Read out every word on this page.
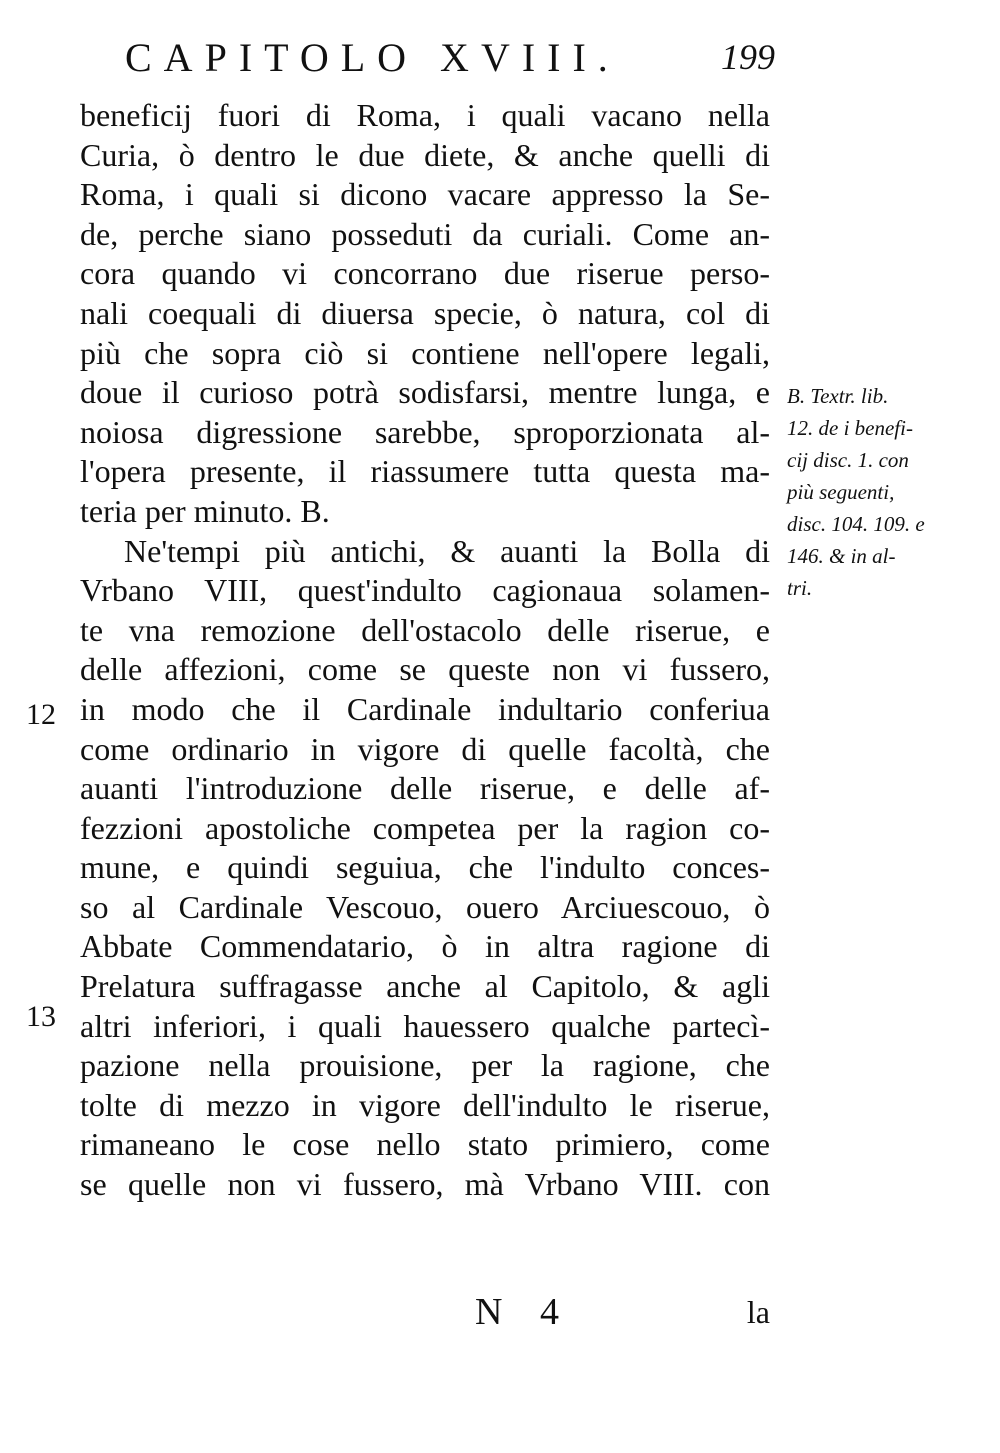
CAPITOLO XVIII.	199
beneficij fuori di Roma, i quali vacano nella
Curia, ò dentro le due diete, & anche quelli di
Roma, i quali si dicono vacare appresso la Se-
de, perche siano posseduti da curiali. Come an-
cora quando vi concorrano due riserue perso-
nali coequali di diuersa specie, ò natura, col di
più che sopra ciò si contiene nell'opere legali,
doue il curioso potrà sodisfarsi, mentre lunga, e
noiosa digressione sarebbe, sproporzionata al-
l'opera presente, il riassumere tutta questa ma-
teria per minuto. B.
Ne'tempi più antichi, & auanti la Bolla di
Vrbano VIII, quest'indulto cagionaua solamen-
te vna remozione dell'ostacolo delle riserue, e
delle affezioni, come se queste non vi fussero,
in modo che il Cardinale indultario conferiua
come ordinario in vigore di quelle facoltà, che
auanti l'introduzione delle riserue, e delle af-
fezzioni apostoliche competea per la ragion co-
mune, e quindi seguiua, che l'indulto conces-
so al Cardinale Vescouo, ouero Arciuescouo, ò
Abbate Commendatario, ò in altra ragione di
Prelatura suffragasse anche al Capitolo, & agli
altri inferiori, i quali hauessero qualche partecì-
pazione nella prouisione, per la ragione, che
tolte di mezzo in vigore dell'indulto le riserue,
rimaneano le cose nello stato primiero, come
se quelle non vi fussero, mà Vrbano VIII. con
12
13
B. Textr. lib.
12. de i benefi-
cij disc. 1. con
più seguenti,
disc. 104. 109. e
146. & in al-
tri.
N 4	la
